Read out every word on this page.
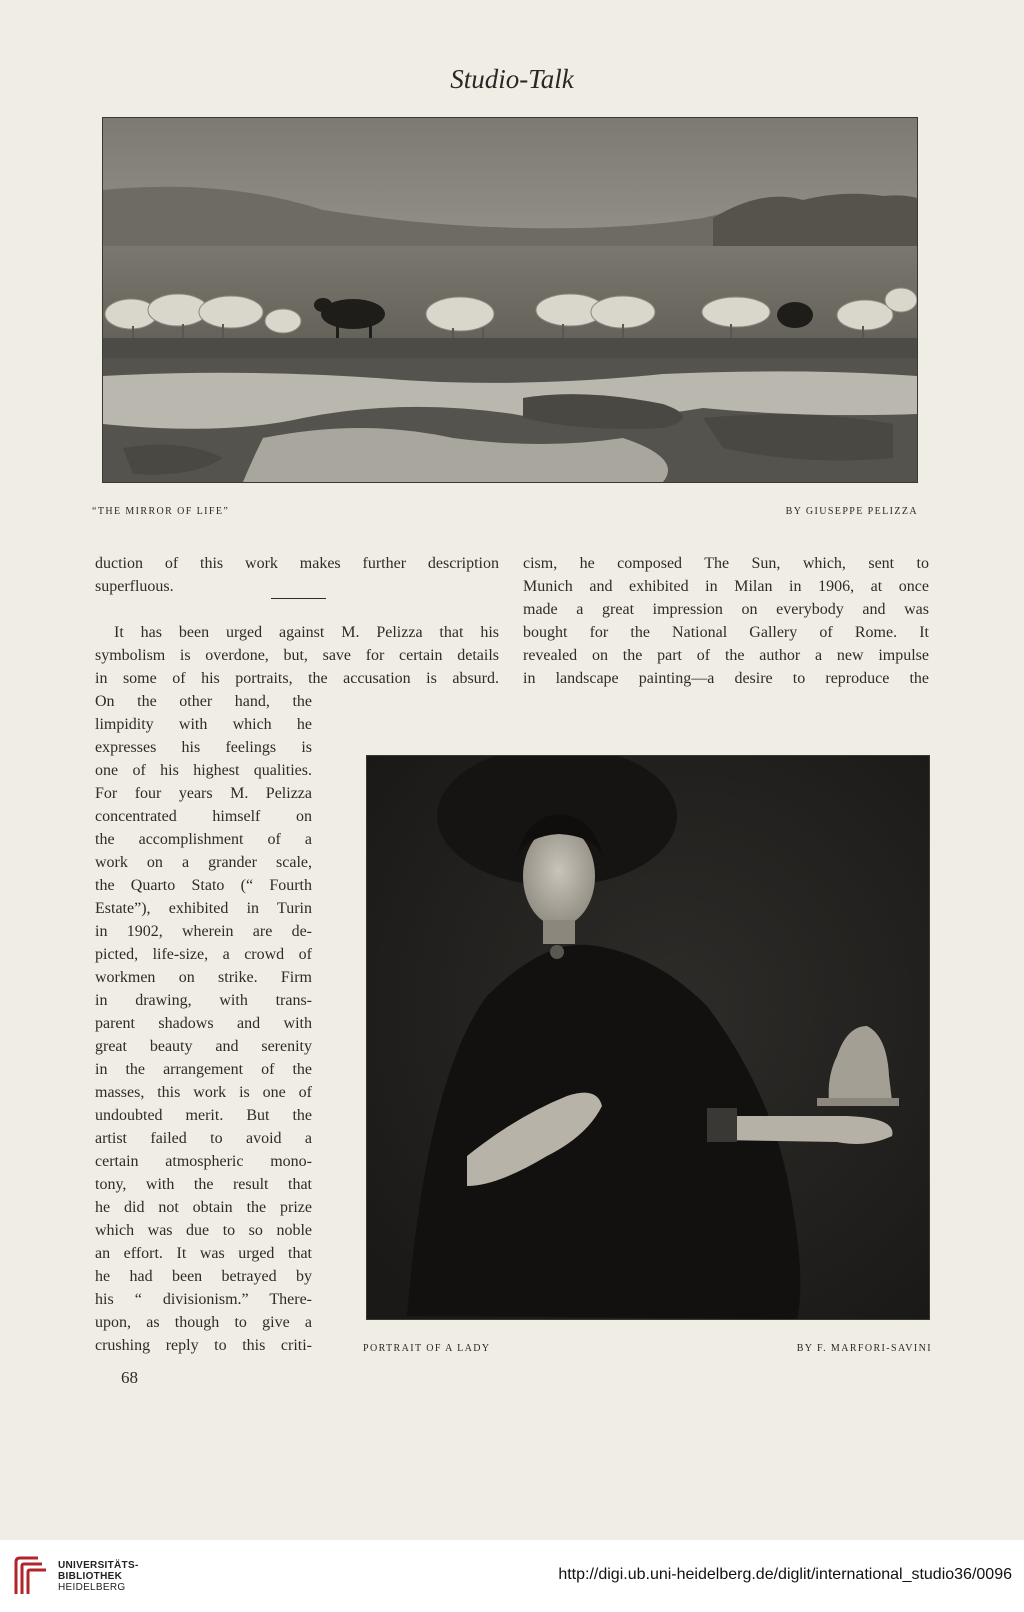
Studio-Talk
“THE MIRROR OF LIFE”	BY GIUSEPPE PELIZZA

duction of this work makes further description

superfluous.

It has been urged against M. Pelizza that his

symbolism is overdone, but, save for certain details

in some of his portraits, the accusation is absurd.

On the other hand, the

limpidity with which he

expresses his feelings is

one of his highest qualities.

For four years M. Pelizza

concentrated himself on

the accomplishment of a

work on a grander scale,

the Quarto Stato (“ Fourth

Estate”), exhibited in Turin

in 1902, wherein are de-

picted, life-size, a crowd of

workmen on strike. Firm

in drawing, with trans-

parent shadows and with

great beauty and serenity

in the arrangement of the

masses, this work is one of

undoubted merit. But the

artist failed to avoid a

certain atmospheric mono-

tony, with the result that

he did not obtain the prize

which was due to so noble

an effort. It was urged that

he had been betrayed by

his “ divisionism.” There-

upon, as though to give a

crushing reply to this criti-

68

cism, he composed The Sun, which, sent to

Munich and exhibited in Milan in 1906, at once

made a great impression on everybody and was

bought for the National Gallery of Rome. It

revealed on the part of the author a new impulse

in landscape painting—a desire to reproduce the

PORTRAIT OF A LADY	BY F. MARFORI-SAVINI
UNIVERSITÄTS-
BIBLIOTHEK
HEIDELBERG
http://digi.ub.uni-heidelberg.de/diglit/international_studio36/0096
